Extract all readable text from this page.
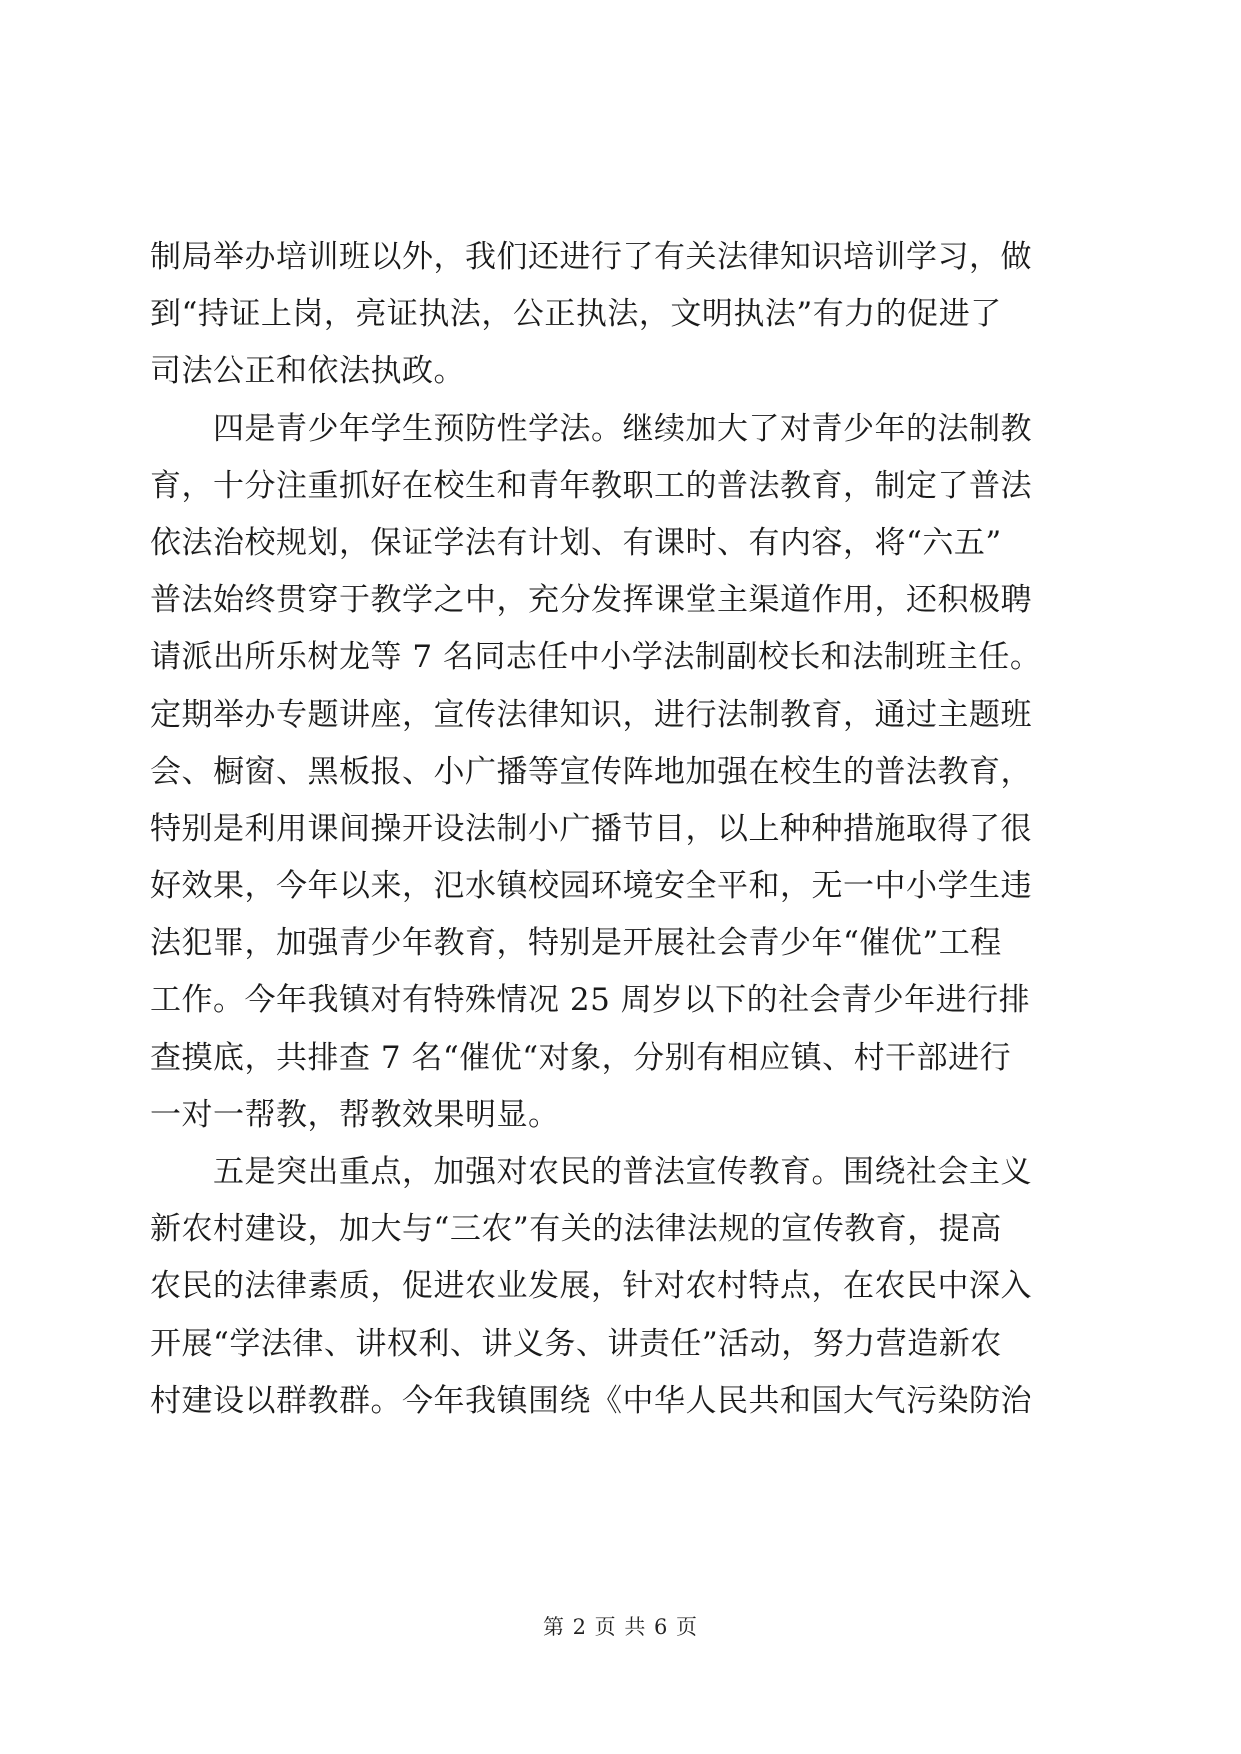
制局举办培训班以外，我们还进行了有关法律知识培训学习，做
到“持证上岗，亮证执法，公正执法，文明执法”有力的促进了
司法公正和依法执政。
　　四是青少年学生预防性学法。继续加大了对青少年的法制教
育，十分注重抓好在校生和青年教职工的普法教育，制定了普法
依法治校规划，保证学法有计划、有课时、有内容，将“六五”
普法始终贯穿于教学之中，充分发挥课堂主渠道作用，还积极聘
请派出所乐树龙等 7 名同志任中小学法制副校长和法制班主任。
定期举办专题讲座，宣传法律知识，进行法制教育，通过主题班
会、橱窗、黑板报、小广播等宣传阵地加强在校生的普法教育，
特别是利用课间操开设法制小广播节目，以上种种措施取得了很
好效果，今年以来，氾水镇校园环境安全平和，无一中小学生违
法犯罪，加强青少年教育，特别是开展社会青少年“催优”工程
工作。今年我镇对有特殊情况 25 周岁以下的社会青少年进行排
查摸底，共排查 7 名“催优“对象，分别有相应镇、村干部进行
一对一帮教，帮教效果明显。
　　五是突出重点，加强对农民的普法宣传教育。围绕社会主义
新农村建设，加大与“三农”有关的法律法规的宣传教育，提高
农民的法律素质，促进农业发展，针对农村特点，在农民中深入
开展“学法律、讲权利、讲义务、讲责任”活动，努力营造新农
村建设以群教群。今年我镇围绕《中华人民共和国大气污染防治
第 2 页 共 6 页
